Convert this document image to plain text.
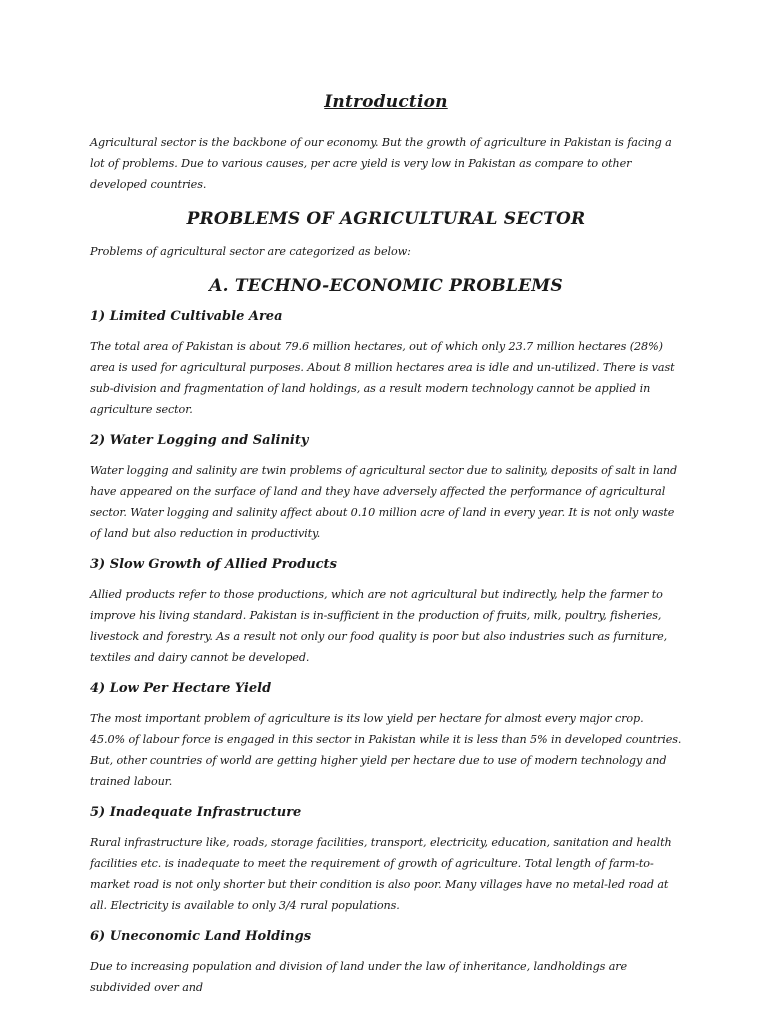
Introduction

Agricultural sector is the backbone of our economy. But the growth of agriculture in Pakistan is facing a lot of problems. Due to various causes, per acre yield is very low in Pakistan as compare to other developed countries.

PROBLEMS OF AGRICULTURAL SECTOR

Problems of agricultural sector are categorized as below:

A. TECHNO-ECONOMIC PROBLEMS
1) Limited Cultivable Area

The total area of Pakistan is about 79.6 million hectares, out of which only 23.7 million hectares (28%) area is used for agricultural purposes. About 8 million hectares area is idle and un-utilized. There is vast sub-division and fragmentation of land holdings, as a result modern technology cannot be applied in agriculture sector.

2) Water Logging and Salinity

Water logging and salinity are twin problems of agricultural sector due to salinity, deposits of salt in land have appeared on the surface of land and they have adversely affected the performance of agricultural sector. Water logging and salinity affect about 0.10 million acre of land in every year. It is not only waste of land but also reduction in productivity.

3) Slow Growth of Allied Products

Allied products refer to those productions, which are not agricultural but indirectly, help the farmer to improve his living standard. Pakistan is in-sufficient in the production of fruits, milk, poultry, fisheries, livestock and forestry. As a result not only our food quality is poor but also industries such as furniture, textiles and dairy cannot be developed.

4) Low Per Hectare Yield

The most important problem of agriculture is its low yield per hectare for almost every major crop. 45.0% of labour force is engaged in this sector in Pakistan while it is less than 5% in developed countries. But, other countries of world are getting higher yield per hectare due to use of modern technology and trained labour.

5) Inadequate Infrastructure

Rural infrastructure like, roads, storage facilities, transport, electricity, education, sanitation and health facilities etc. is inadequate to meet the requirement of growth of agriculture. Total length of farm-to-market road is not only shorter but their condition is also poor. Many villages have no metal-led road at all. Electricity is available to only 3/4 rural populations.

6) Uneconomic Land Holdings

Due to increasing population and division of land under the law of inheritance, landholdings are subdivided over and
